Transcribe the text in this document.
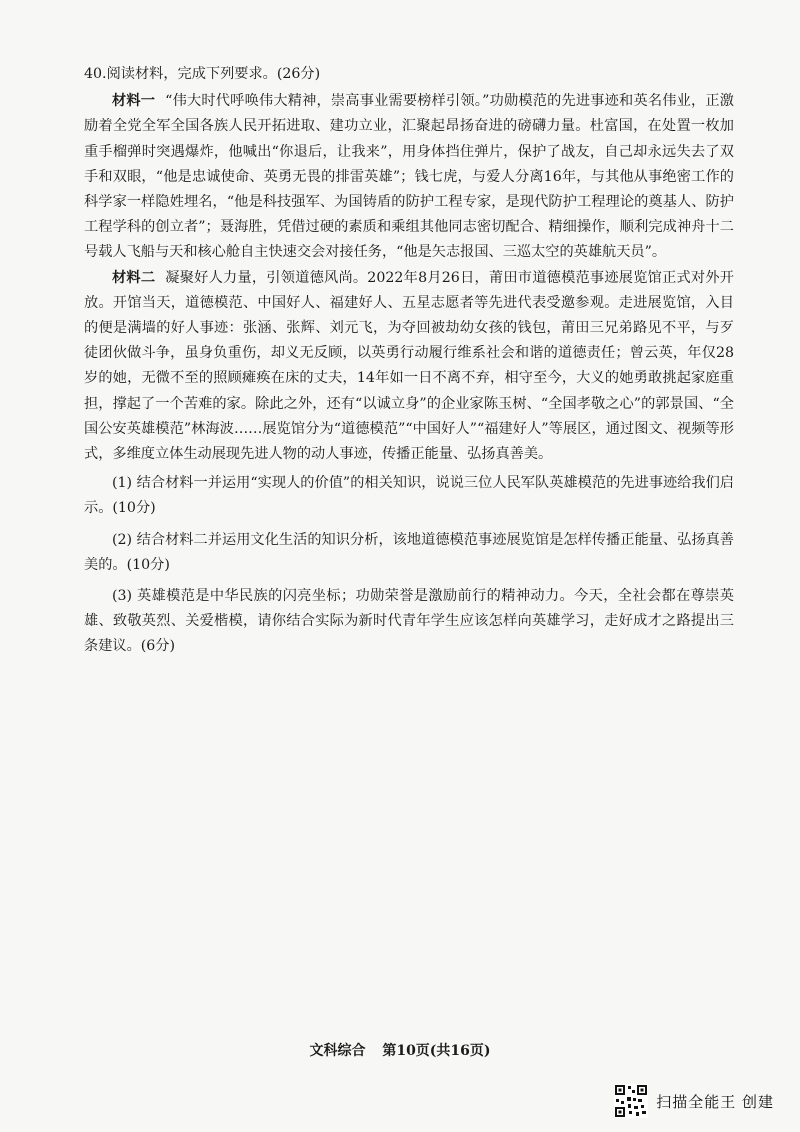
40.阅读材料，完成下列要求。(26分)

材料一 “伟大时代呼唤伟大精神，崇高事业需要榜样引领。”功勋模范的先进事迹和英名伟业，正激励着全党全军全国各族人民开拓进取、建功立业，汇聚起昂扬奋进的磅礴力量。杜富国，在处置一枚加重手榴弹时突遇爆炸，他喊出“你退后，让我来”，用身体挡住弹片，保护了战友，自己却永远失去了双手和双眼，“他是忠诚使命、英勇无畏的排雷英雄”；钱七虎，与爱人分离16年，与其他从事绝密工作的科学家一样隐姓埋名，“他是科技强军、为国铸盾的防护工程专家，是现代防护工程理论的奠基人、防护工程学科的创立者”；聂海胜，凭借过硬的素质和乘组其他同志密切配合、精细操作，顺利完成神舟十二号载人飞船与天和核心舱自主快速交会对接任务，“他是矢志报国、三巡太空的英雄航天员”。

材料二 凝聚好人力量，引领道德风尚。2022年8月26日，莆田市道德模范事迹展览馆正式对外开放。开馆当天，道德模范、中国好人、福建好人、五星志愿者等先进代表受邀参观。走进展览馆，入目的便是满墙的好人事迹：张涵、张辉、刘元飞，为夺回被劫幼女孩的钱包，莆田三兄弟路见不平，与歹徒团伙做斗争，虽身负重伤，却义无反顾，以英勇行动履行维系社会和谐的道德责任；曾云英，年仅28岁的她，无微不至的照顾瘫痪在床的丈夫，14年如一日不离不弃，相守至今，大义的她勇敢挑起家庭重担，撑起了一个苦难的家。除此之外，还有“以诚立身”的企业家陈玉树、“全国孝敬之心”的郭景国、“全国公安英雄模范”林海波……展览馆分为“道德模范”“中国好人”“福建好人”等展区，通过图文、视频等形式，多维度立体生动展现先进人物的动人事迹，传播正能量、弘扬真善美。

(1) 结合材料一并运用“实现人的价值”的相关知识，说说三位人民军队英雄模范的先进事迹给我们启示。(10分)

(2) 结合材料二并运用文化生活的知识分析，该地道德模范事迹展览馆是怎样传播正能量、弘扬真善美的。(10分)

(3) 英雄模范是中华民族的闪亮坐标；功勋荣誉是激励前行的精神动力。今天，全社会都在尊崇英雄、致敬英烈、关爱楷模，请你结合实际为新时代青年学生应该怎样向英雄学习，走好成才之路提出三条建议。(6分)

文科综合 第10页(共16页)
扫描全能王 创建
